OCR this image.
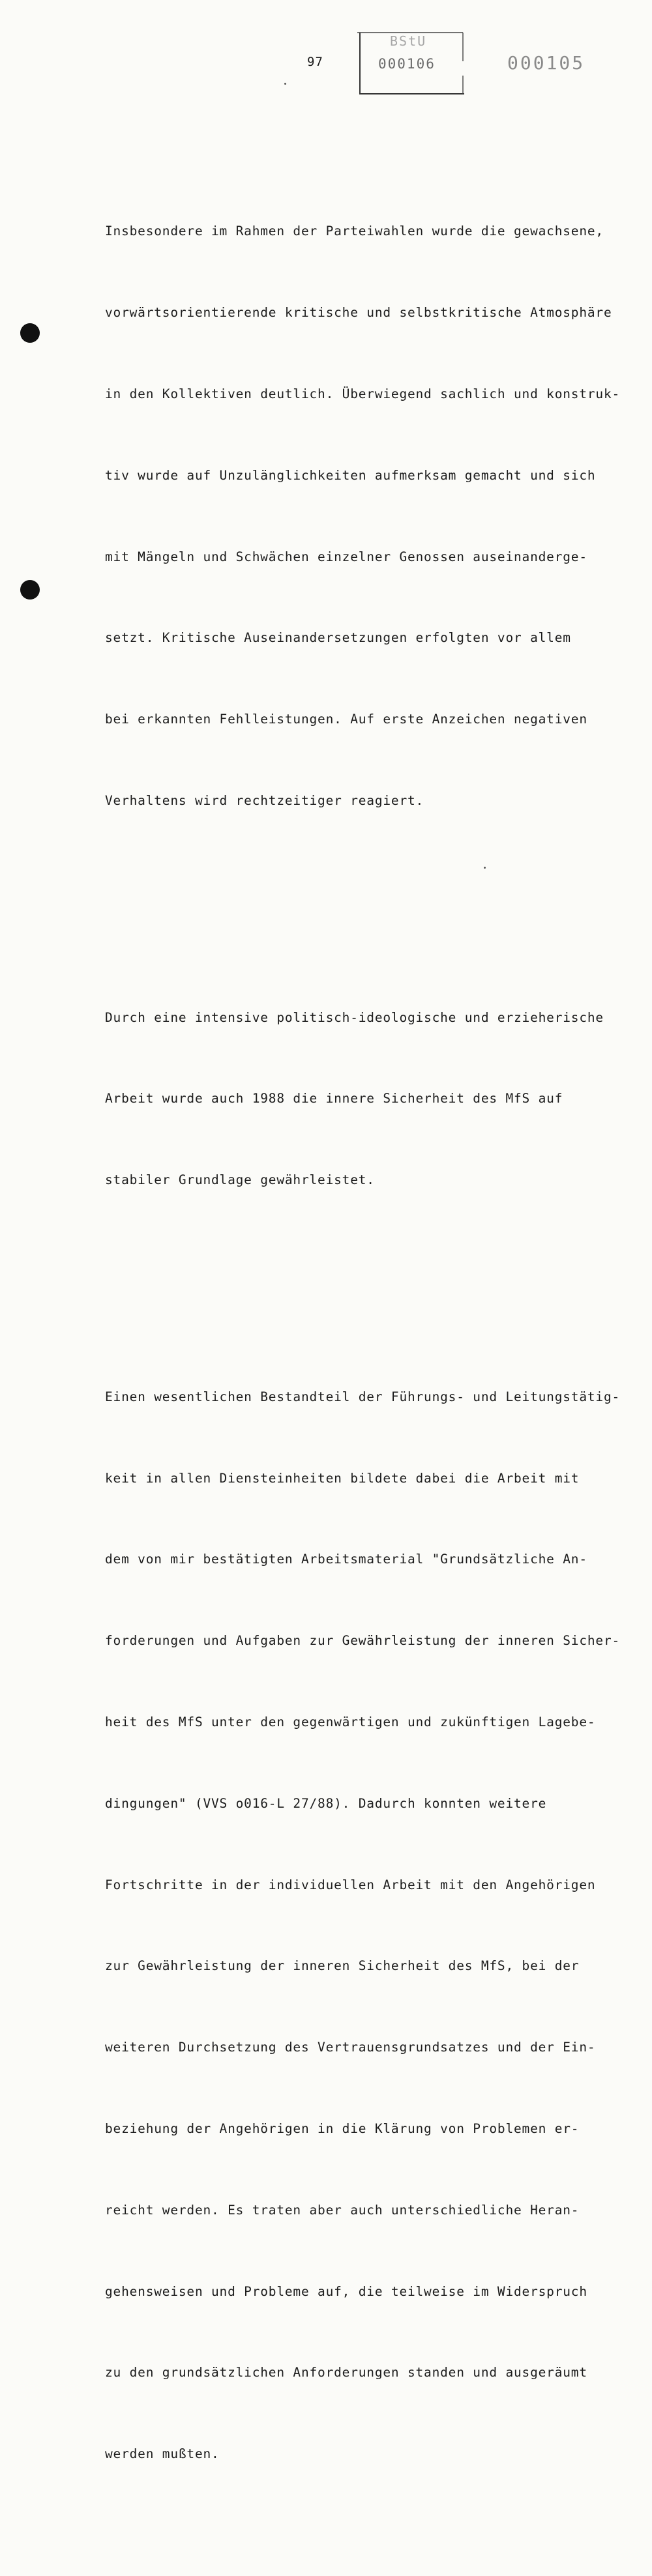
97
BStU
000106	000105

Insbesondere im Rahmen der Parteiwahlen wurde die gewachsene,

vorwärtsorientierende kritische und selbstkritische Atmosphäre

in den Kollektiven deutlich. Überwiegend sachlich und konstruk-

tiv wurde auf Unzulänglichkeiten aufmerksam gemacht und sich

mit Mängeln und Schwächen einzelner Genossen auseinanderge-

setzt. Kritische Auseinandersetzungen erfolgten vor allem

bei erkannten Fehlleistungen. Auf erste Anzeichen negativen

Verhaltens wird rechtzeitiger reagiert.

Durch eine intensive politisch-ideologische und erzieherische

Arbeit wurde auch 1988 die innere Sicherheit des MfS auf

stabiler Grundlage gewährleistet.

Einen wesentlichen Bestandteil der Führungs- und Leitungstätig-

keit in allen Diensteinheiten bildete dabei die Arbeit mit

dem von mir bestätigten Arbeitsmaterial "Grundsätzliche An-

forderungen und Aufgaben zur Gewährleistung der inneren Sicher-

heit des MfS unter den gegenwärtigen und zukünftigen Lagebe-

dingungen" (VVS o016-L 27/88). Dadurch konnten weitere

Fortschritte in der individuellen Arbeit mit den Angehörigen

zur Gewährleistung der inneren Sicherheit des MfS, bei der

weiteren Durchsetzung des Vertrauensgrundsatzes und der Ein-

beziehung der Angehörigen in die Klärung von Problemen er-

reicht werden. Es traten aber auch unterschiedliche Heran-

gehensweisen und Probleme auf, die teilweise im Widerspruch

zu den grundsätzlichen Anforderungen standen und ausgeräumt

werden mußten.
